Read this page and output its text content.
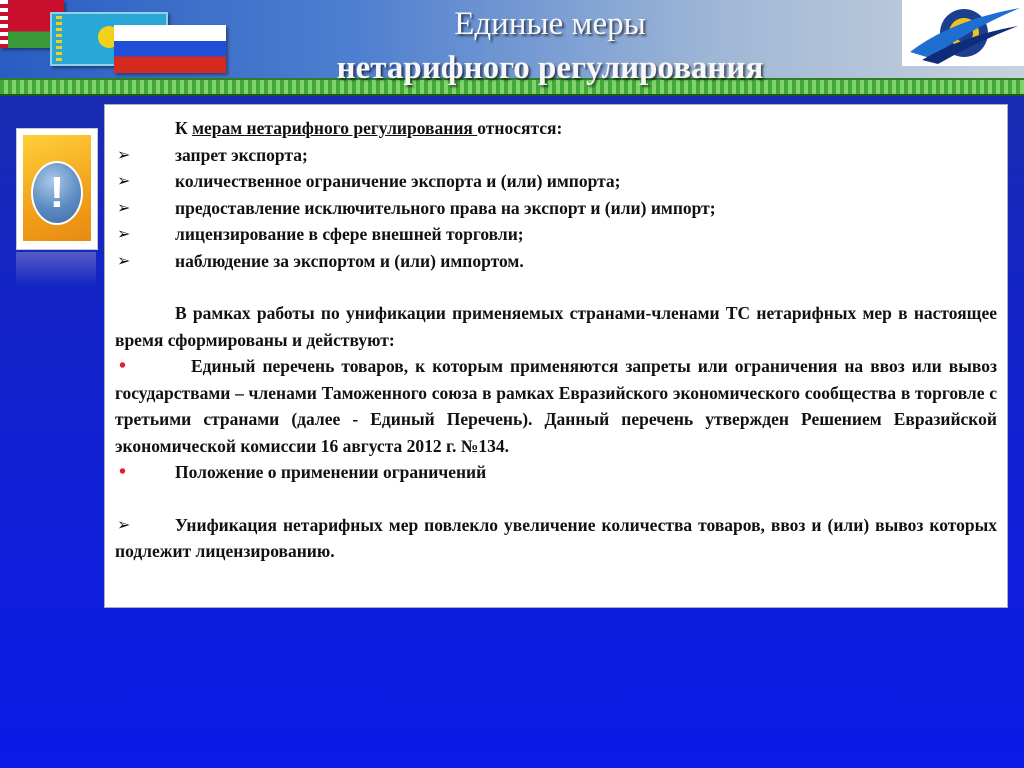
Единые меры
нетарифного регулирования
!
К мерам нетарифного регулирования относятся:
➢	запрет экспорта;
➢	количественное ограничение экспорта и (или) импорта;
➢	предоставление исключительного права на экспорт и (или) импорт;
➢	лицензирование в сфере внешней торговли;
➢	наблюдение за экспортом и (или) импортом.
В рамках работы по унификации применяемых странами-членами ТС нетарифных мер в настоящее время сформированы и действуют:
•	Единый перечень товаров, к которым применяются запреты или ограничения на ввоз или вывоз государствами – членами Таможенного союза в рамках Евразийского экономического сообщества в торговле с третьими странами (далее - Единый Перечень). Данный перечень утвержден Решением Евразийской экономической комиссии 16 августа 2012 г. №134.
•	Положение о применении ограничений
➢	Унификация нетарифных мер повлекло увеличение количества товаров, ввоз и (или) вывоз которых подлежит лицензированию.
